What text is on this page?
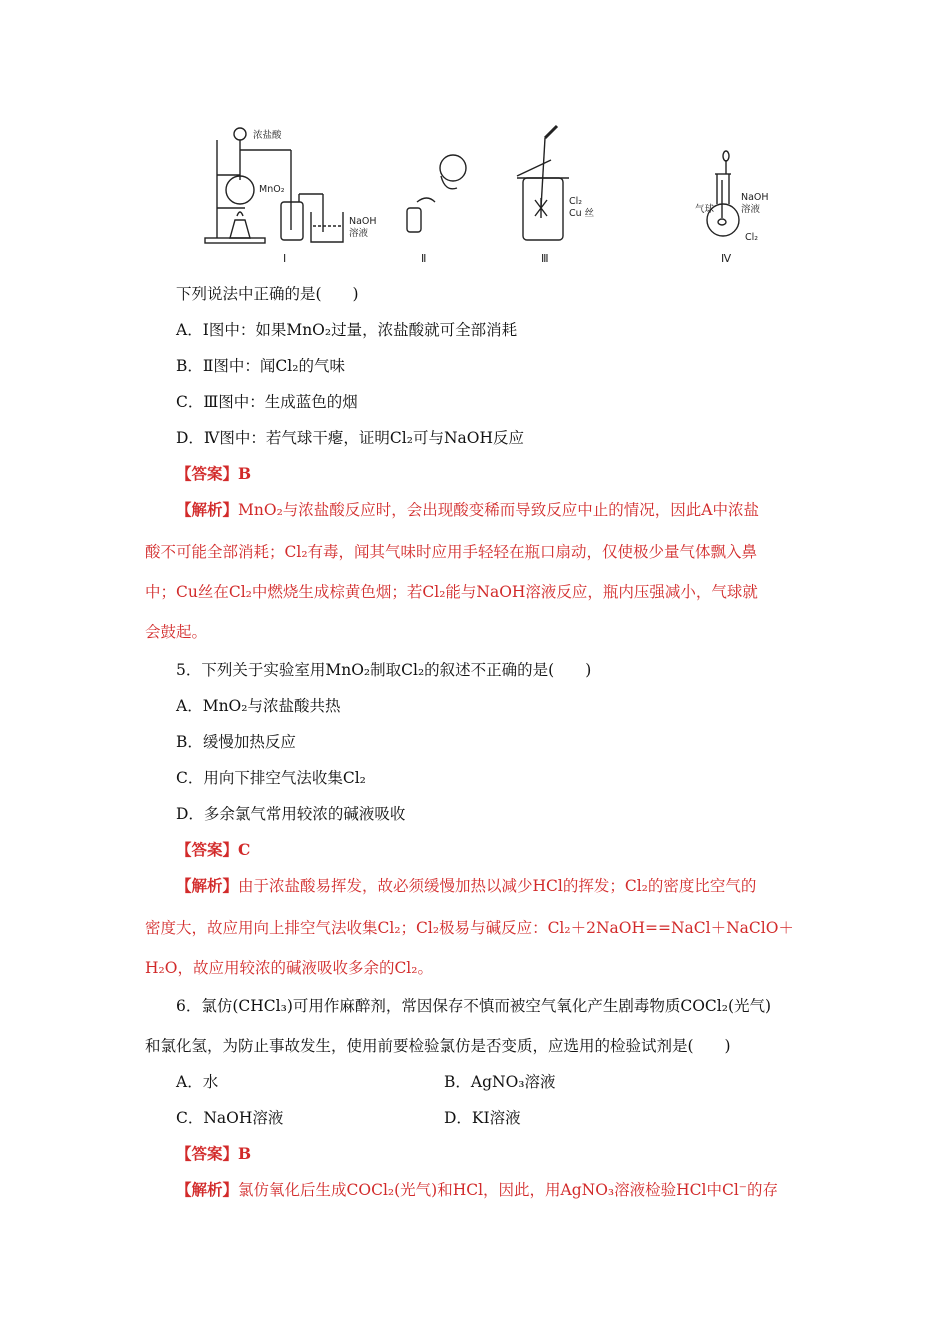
浓盐酸
MnO₂
NaOH
溶液
Cl₂
Cu 丝	气球
NaOH
溶液
Cl₂
Ⅰ	Ⅱ	Ⅲ	Ⅳ
下列说法中正确的是(　　)
A．Ⅰ图中：如果MnO₂过量，浓盐酸就可全部消耗
B．Ⅱ图中：闻Cl₂的气味
C．Ⅲ图中：生成蓝色的烟
D．Ⅳ图中：若气球干瘪，证明Cl₂可与NaOH反应
【答案】B
【解析】MnO₂与浓盐酸反应时，会出现酸变稀而导致反应中止的情况，因此A中浓盐
酸不可能全部消耗；Cl₂有毒，闻其气味时应用手轻轻在瓶口扇动，仅使极少量气体飘入鼻
中；Cu丝在Cl₂中燃烧生成棕黄色烟；若Cl₂能与NaOH溶液反应，瓶内压强减小，气球就
会鼓起。
5．下列关于实验室用MnO₂制取Cl₂的叙述不正确的是(　　)
A．MnO₂与浓盐酸共热
B．缓慢加热反应
C．用向下排空气法收集Cl₂
D．多余氯气常用较浓的碱液吸收
【答案】C
【解析】由于浓盐酸易挥发，故必须缓慢加热以减少HCl的挥发；Cl₂的密度比空气的
密度大，故应用向上排空气法收集Cl₂；Cl₂极易与碱反应：Cl₂＋2NaOH==NaCl＋NaClO＋
H₂O，故应用较浓的碱液吸收多余的Cl₂。
6．氯仿(CHCl₃)可用作麻醉剂，常因保存不慎而被空气氧化产生剧毒物质COCl₂(光气)
和氯化氢，为防止事故发生，使用前要检验氯仿是否变质，应选用的检验试剂是(　　)
A．水	B．AgNO₃溶液
C．NaOH溶液	D．KI溶液
【答案】B
【解析】氯仿氧化后生成COCl₂(光气)和HCl，因此，用AgNO₃溶液检验HCl中Cl⁻的存
